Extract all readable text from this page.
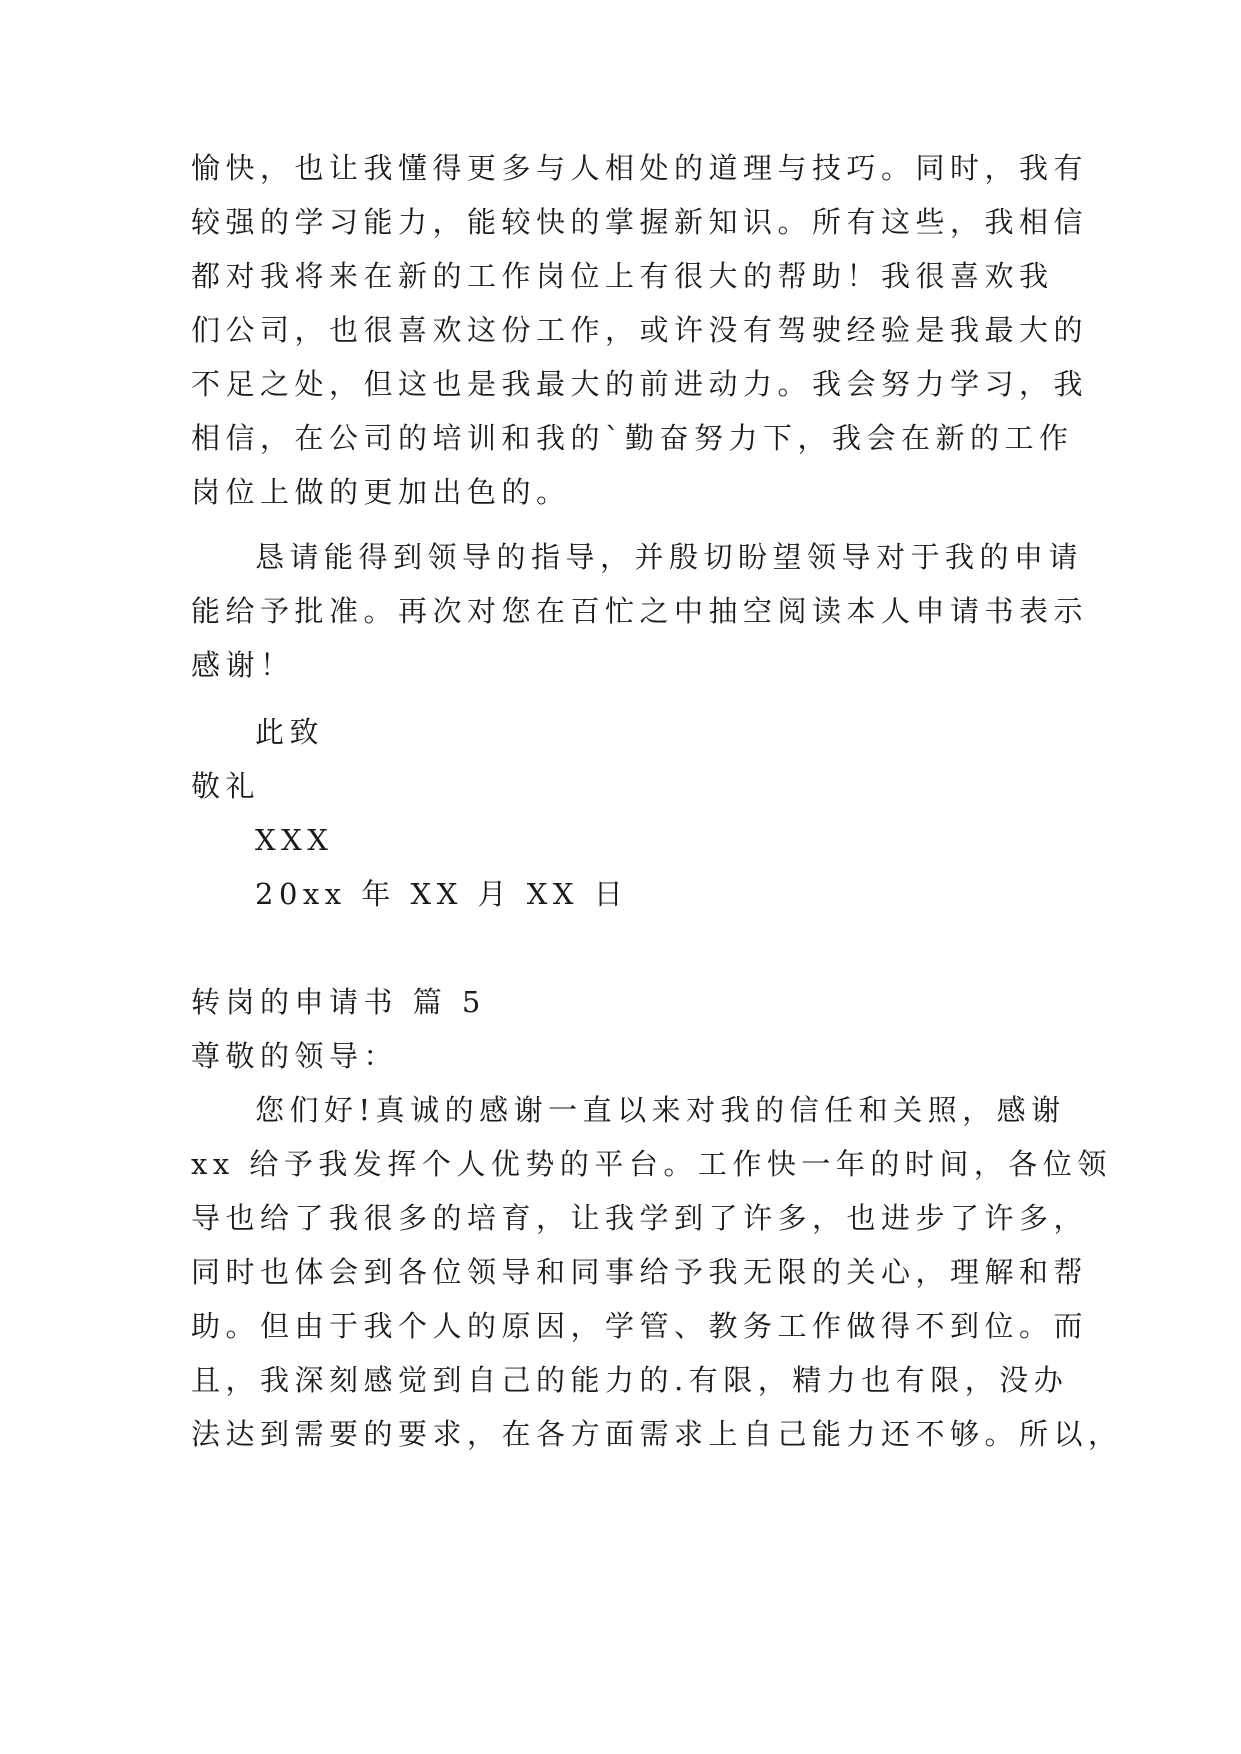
愉快，也让我懂得更多与人相处的道理与技巧。同时，我有
较强的学习能力，能较快的掌握新知识。所有这些，我相信
都对我将来在新的工作岗位上有很大的帮助！我很喜欢我
们公司，也很喜欢这份工作，或许没有驾驶经验是我最大的
不足之处，但这也是我最大的前进动力。我会努力学习，我
相信，在公司的培训和我的`勤奋努力下，我会在新的工作
岗位上做的更加出色的。
恳请能得到领导的指导，并殷切盼望领导对于我的申请
能给予批准。再次对您在百忙之中抽空阅读本人申请书表示
感谢！
此致
敬礼
XXX
20xx 年 XX 月 XX 日
转岗的申请书 篇 5
尊敬的领导：
您们好!真诚的感谢一直以来对我的信任和关照，感谢
xx 给予我发挥个人优势的平台。工作快一年的时间，各位领
导也给了我很多的培育，让我学到了许多，也进步了许多，
同时也体会到各位领导和同事给予我无限的关心，理解和帮
助。但由于我个人的原因，学管、教务工作做得不到位。而
且，我深刻感觉到自己的能力的.有限，精力也有限，没办
法达到需要的要求，在各方面需求上自己能力还不够。所以，
